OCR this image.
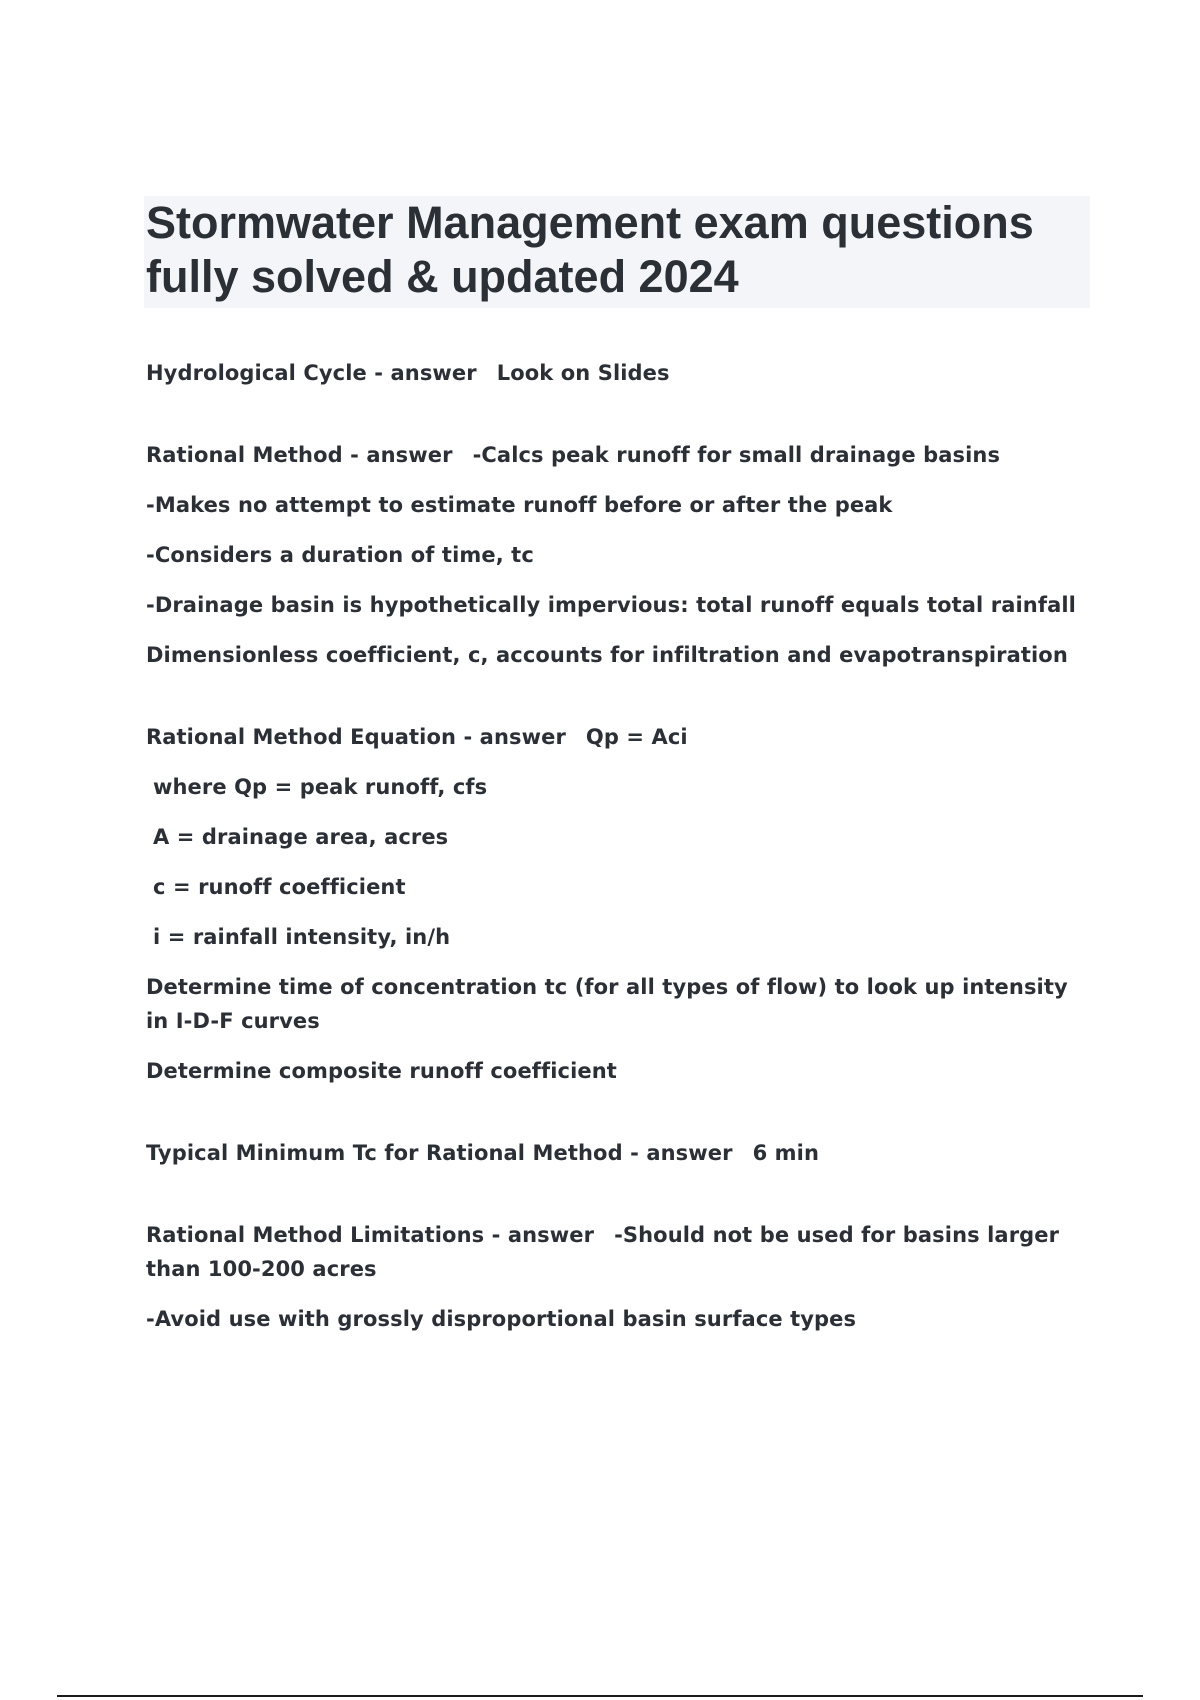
Stormwater Management exam questions fully solved & updated 2024

Hydrological Cycle - answer Look on Slides

Rational Method - answer -Calcs peak runoff for small drainage basins

-Makes no attempt to estimate runoff before or after the peak

-Considers a duration of time, tc

-Drainage basin is hypothetically impervious: total runoff equals total rainfall

Dimensionless coefficient, c, accounts for infiltration and evapotranspiration

Rational Method Equation - answer Qp = Aci

where Qp = peak runoff, cfs

A = drainage area, acres

c = runoff coefficient

i = rainfall intensity, in/h

Determine time of concentration tc (for all types of flow) to look up intensity in I-D-F curves

Determine composite runoff coefficient

Typical Minimum Tc for Rational Method - answer 6 min

Rational Method Limitations - answer -Should not be used for basins larger than 100-200 acres

-Avoid use with grossly disproportional basin surface types
